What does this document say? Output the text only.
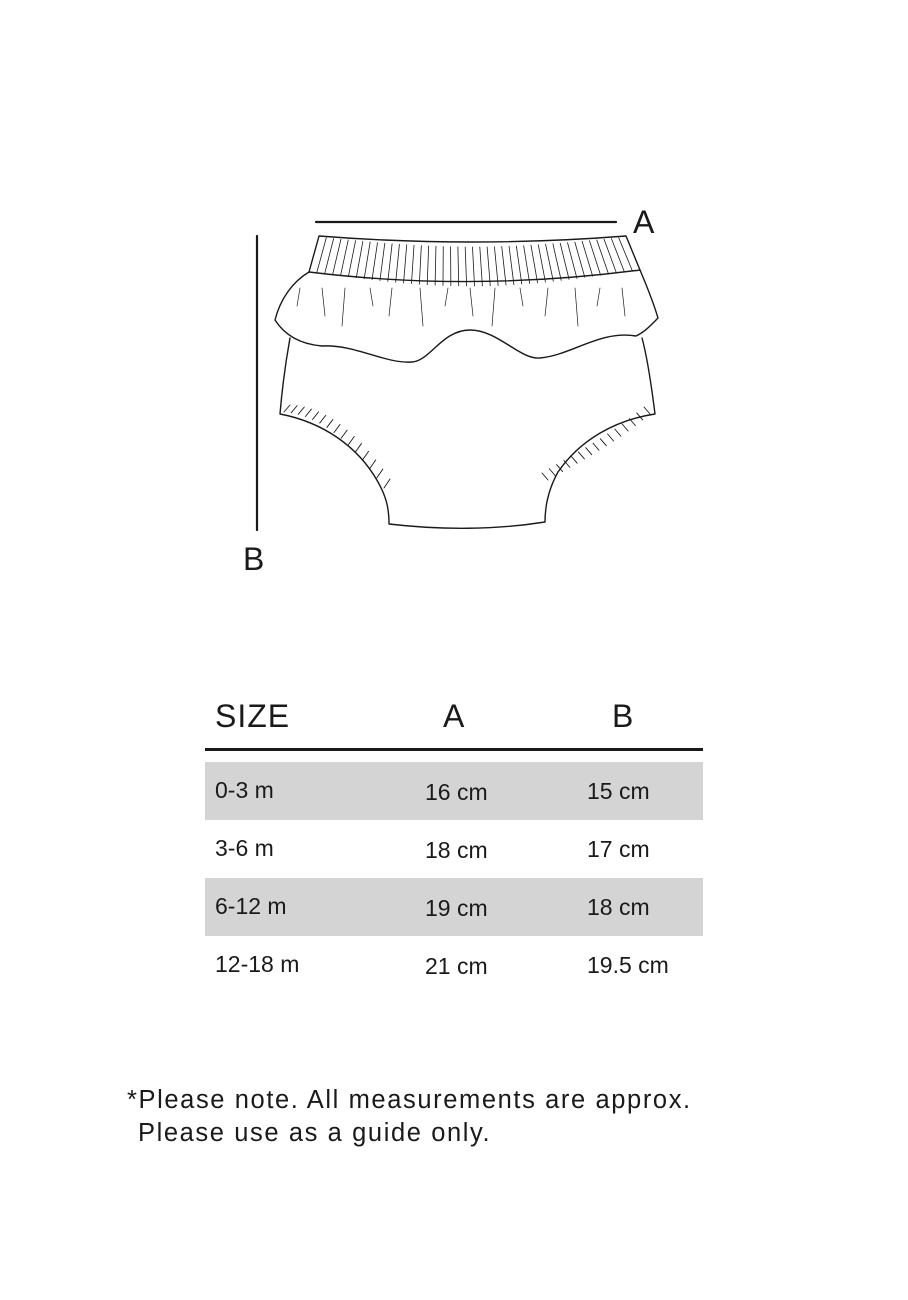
A
B
SIZE	A	B
0-3 m	16 cm	15 cm
3-6 m	18 cm	17 cm
6-12 m	19 cm	18 cm
12-18 m	21 cm	19.5 cm
*Please note. All measurements are approx.
Please use as a guide only.
